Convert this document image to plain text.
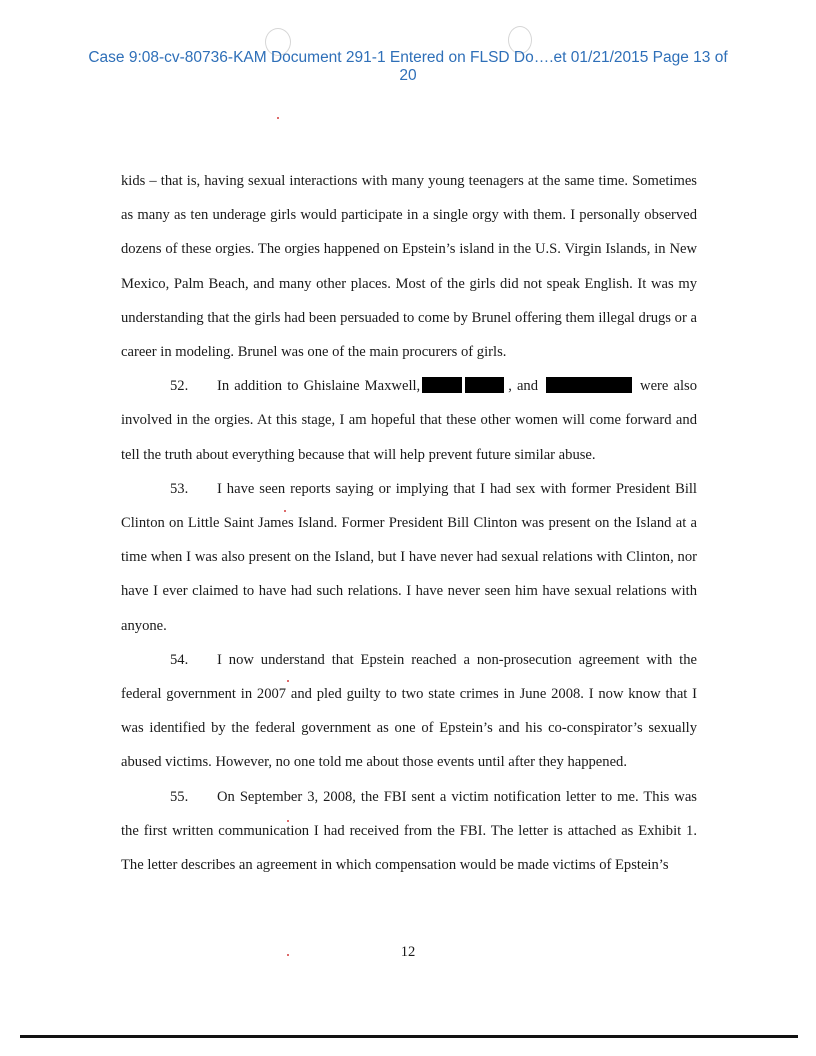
Case 9:08-cv-80736-KAM Document 291-1 Entered on FLSD Do….et 01/21/2015 Page 13 of
20

kids – that is, having sexual interactions with many young teenagers at the same time. Sometimes as many as ten underage girls would participate in a single orgy with them. I personally observed dozens of these orgies. The orgies happened on Epstein’s island in the U.S. Virgin Islands, in New Mexico, Palm Beach, and many other places. Most of the girls did not speak English. It was my understanding that the girls had been persuaded to come by Brunel offering them illegal drugs or a career in modeling. Brunel was one of the main procurers of girls.

52. In addition to Ghislaine Maxwell,	, and	were also involved in the orgies. At this stage, I am hopeful that these other women will come forward and tell the truth about everything because that will help prevent future similar abuse.

53. I have seen reports saying or implying that I had sex with former President Bill Clinton on Little Saint James Island. Former President Bill Clinton was present on the Island at a time when I was also present on the Island, but I have never had sexual relations with Clinton, nor have I ever claimed to have had such relations. I have never seen him have sexual relations with anyone.

54. I now understand that Epstein reached a non-prosecution agreement with the federal government in 2007 and pled guilty to two state crimes in June 2008. I now know that I was identified by the federal government as one of Epstein’s and his co-conspirator’s sexually abused victims. However, no one told me about those events until after they happened.

55. On September 3, 2008, the FBI sent a victim notification letter to me. This was the first written communication I had received from the FBI. The letter is attached as Exhibit 1. The letter describes an agreement in which compensation would be made victims of Epstein’s

12
